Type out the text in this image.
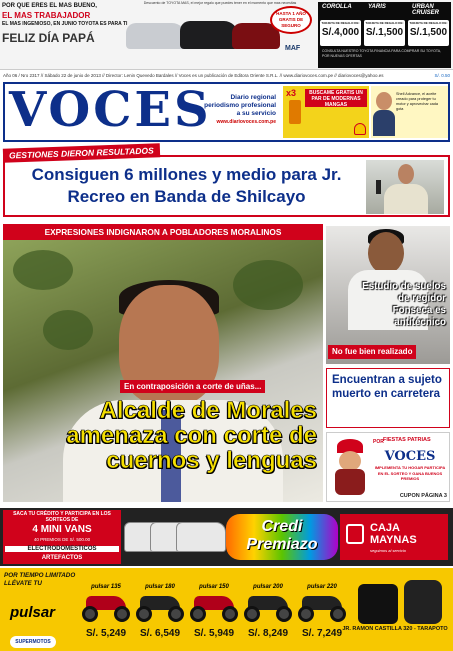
POR QUE ERES EL MAS BUENO,
EL MAS TRABAJADOR
EL MAS INGENIOSO, EN JUNIO TOYOTA ES PARA TI
FELIZ DÍA PAPÁ
Descuento de TOYOTA MAS, el mejor regalo que puedes tener en el momento que mas necesitas
HASTA 1 AÑO GRATIS DE SEGURO
MAF
COROLLA	YARIS	URBAN CRUISER
TARJETA DE REGALO DE:
S/.4,000
TARJETA DE REGALO DE:
S/.1,500
TARJETA DE REGALO DE:
S/.1,500
CONSULTA NUESTRO TOYOTA FINANCIA PARA COMPRAR SU TOYOTA, POR NUEVAS OFERTAS
Año 06 / Nro 2317 // Sábado 22 de junio de 2013 // Director: Lenin Quevedo Bardales // Voces es un publicación de Editora Oriente S.R.L. // www.diariovoces.com.pe // diariovoces@yahoo.es	S/. 0.50
VOCES	Diario regional periodismo profesional a su servicio
www.diariovoces.com.pe
x3	BUSCAME GRATIS UN PAR DE MODERNAS MANGAS
Shell Advance, el aceite creado para proteger tu motor y aprovechar cada gota
GESTIONES DIERON RESULTADOS
Consiguen 6 millones y medio para Jr. Recreo en Banda de Shilcayo
EXPRESIONES INDIGNARON A POBLADORES MORALINOS
En contraposición a corte de uñas...
Alcalde de Morales amenaza con corte de cuernos y lenguas
Estudio de suelos de regidor Fonseca es antitécnico
No fue bien realizado
Encuentran a sujeto muerto en carretera
POR FIESTAS PATRIAS
VOCES
IMPLEMENTA TU HOGAR PARTICIPA EN EL SORTEO Y GANA BUENOS PREMIOS
CUPON PÁGINA 3
SACA TU CRÉDITO Y PARTICIPA EN LOS SORTEOS DE
4 MINI VANS
40 PREMIOS DE S/. 500.00
ELECTRODOMESTICOS
ARTEFACTOS
Credi Premiazo
CAJA MAYNAS
seguimos al servicio
POR TIEMPO LIMITADO LLÉVATE TU
pulsar
SUPERMOTOS
pulsar 135
S/. 5,249
pulsar 180
S/. 6,549
pulsar 150
S/. 5,949
pulsar 200
S/. 8,249
pulsar 220
S/. 7,249 JR. RAMON CASTILLA 320 - TARAPOTO
